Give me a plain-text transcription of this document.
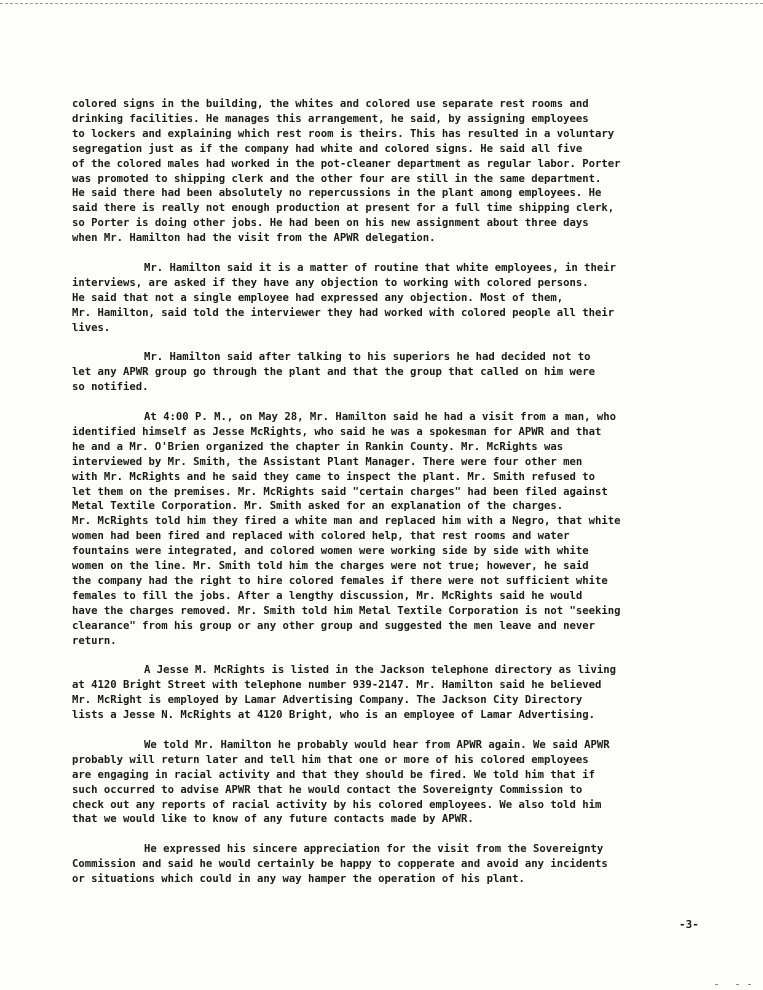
colored signs in the building, the whites and colored use separate rest rooms and
drinking facilities. He manages this arrangement, he said, by assigning employees
to lockers and explaining which rest room is theirs. This has resulted in a voluntary
segregation just as if the company had white and colored signs. He said all five
of the colored males had worked in the pot-cleaner department as regular labor. Porter
was promoted to shipping clerk and the other four are still in the same department.
He said there had been absolutely no repercussions in the plant among employees. He
said there is really not enough production at present for a full time shipping clerk,
so Porter is doing other jobs. He had been on his new assignment about three days
when Mr. Hamilton had the visit from the APWR delegation.

Mr. Hamilton said it is a matter of routine that white employees, in their
interviews, are asked if they have any objection to working with colored persons.
He said that not a single employee had expressed any objection. Most of them,
Mr. Hamilton, said told the interviewer they had worked with colored people all their
lives.

Mr. Hamilton said after talking to his superiors he had decided not to
let any APWR group go through the plant and that the group that called on him were
so notified.

At 4:00 P. M., on May 28, Mr. Hamilton said he had a visit from a man, who
identified himself as Jesse McRights, who said he was a spokesman for APWR and that
he and a Mr. O'Brien organized the chapter in Rankin County. Mr. McRights was
interviewed by Mr. Smith, the Assistant Plant Manager. There were four other men
with Mr. McRights and he said they came to inspect the plant. Mr. Smith refused to
let them on the premises. Mr. McRights said "certain charges" had been filed against
Metal Textile Corporation. Mr. Smith asked for an explanation of the charges.
Mr. McRights told him they fired a white man and replaced him with a Negro, that white
women had been fired and replaced with colored help, that rest rooms and water
fountains were integrated, and colored women were working side by side with white
women on the line. Mr. Smith told him the charges were not true; however, he said
the company had the right to hire colored females if there were not sufficient white
females to fill the jobs. After a lengthy discussion, Mr. McRights said he would
have the charges removed. Mr. Smith told him Metal Textile Corporation is not "seeking
clearance" from his group or any other group and suggested the men leave and never
return.

A Jesse M. McRights is listed in the Jackson telephone directory as living
at 4120 Bright Street with telephone number 939-2147. Mr. Hamilton said he believed
Mr. McRight is employed by Lamar Advertising Company. The Jackson City Directory
lists a Jesse N. McRights at 4120 Bright, who is an employee of Lamar Advertising.

We told Mr. Hamilton he probably would hear from APWR again. We said APWR
probably will return later and tell him that one or more of his colored employees
are engaging in racial activity and that they should be fired. We told him that if
such occurred to advise APWR that he would contact the Sovereignty Commission to
check out any reports of racial activity by his colored employees. We also told him
that we would like to know of any future contacts made by APWR.

He expressed his sincere appreciation for the visit from the Sovereignty
Commission and said he would certainly be happy to copperate and avoid any incidents
or situations which could in any way hamper the operation of his plant.

-3-
